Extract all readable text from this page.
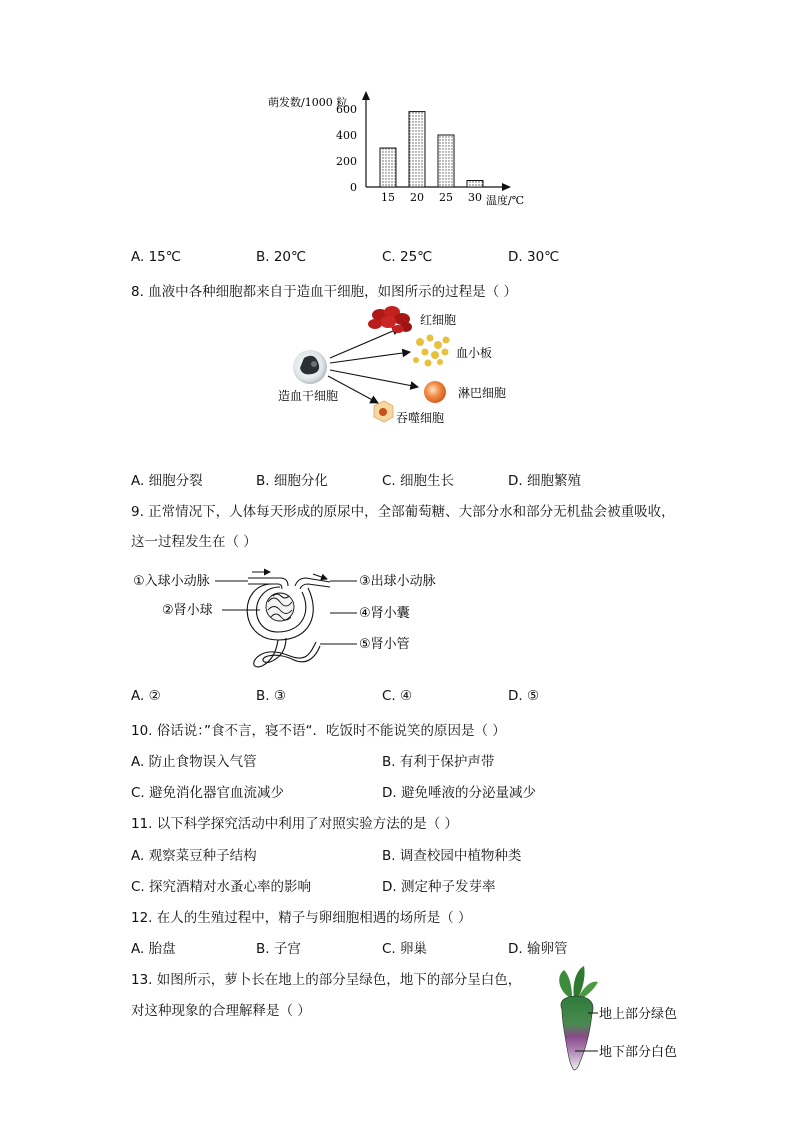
萌发数/1000 粒
0
200
400
600
15 20 25 30 温度/℃
A. 15℃	B. 20℃	C. 25℃	D. 30℃
8. 血液中各种细胞都来自于造血干细胞，如图所示的过程是（ ）
红细胞
血小板
淋巴细胞
造血干细胞
吞噬细胞
A. 细胞分裂	B. 细胞分化	C. 细胞生长	D. 细胞繁殖
9. 正常情况下，人体每天形成的原尿中，全部葡萄糖、大部分水和部分无机盐会被重吸收，
这一过程发生在（ ）
①入球小动脉
②肾小球
③出球小动脉
④肾小囊
⑤肾小管
A. ②	B. ③	C. ④	D. ⑤
10. 俗话说：”食不言，寝不语“．吃饭时不能说笑的原因是（ ）
A. 防止食物误入气管	B. 有利于保护声带
C. 避免消化器官血流减少	D. 避免唾液的分泌量减少
11. 以下科学探究活动中利用了对照实验方法的是（ ）
A. 观察菜豆种子结构	B. 调查校园中植物种类
C. 探究酒精对水蚤心率的影响	D. 测定种子发芽率
12. 在人的生殖过程中，精子与卵细胞相遇的场所是（ ）
A. 胎盘	B. 子宫	C. 卵巢	D. 输卵管
13. 如图所示，萝卜长在地上的部分呈绿色，地下的部分呈白色，
对这种现象的合理解释是（ ）	地上部分绿色
地下部分白色
